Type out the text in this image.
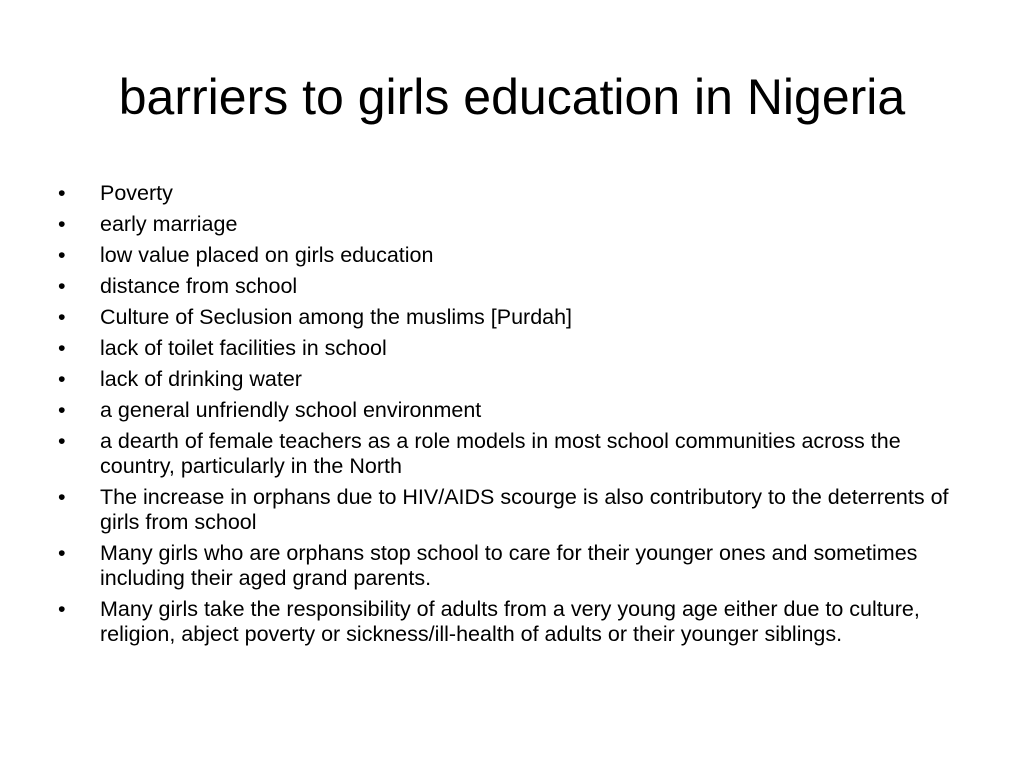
barriers to girls education in Nigeria
•	Poverty
•	early marriage
•	low value placed on girls education
•	distance from school
•	Culture of Seclusion among the muslims [Purdah]
•	lack of toilet facilities in school
•	lack of drinking water
•	a general unfriendly school environment
•	a dearth of female teachers as a role models in most school communities across the country, particularly in the North
•	The increase in orphans due to HIV/AIDS scourge is also contributory to the deterrents of girls from school
•	Many girls who are orphans stop school to care for their younger ones and sometimes including their aged grand parents.
•	Many girls take the responsibility of adults from a very young age either due to culture, religion, abject poverty or sickness/ill-health of adults or their younger siblings.
